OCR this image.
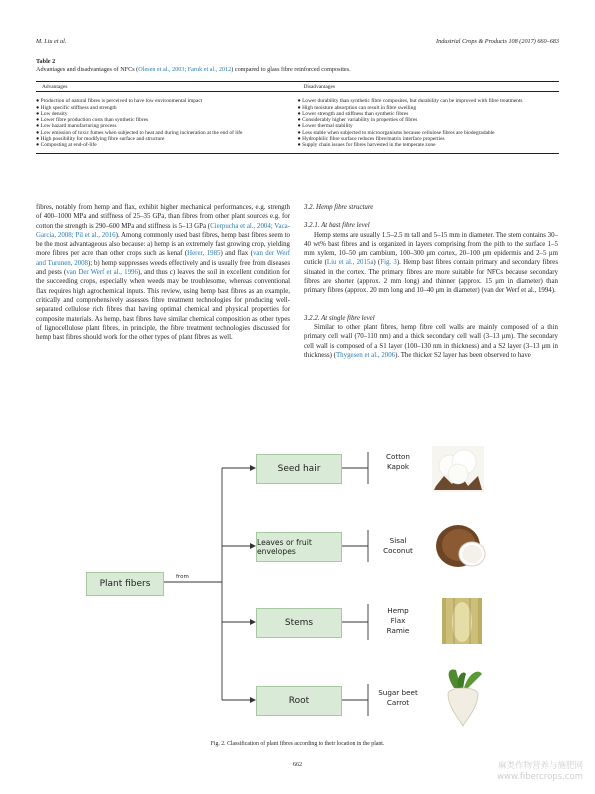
M. Liu et al.	Industrial Crops & Products 108 (2017) 660–683
Table 2
Advantages and disadvantages of NFCs (Olesen et al., 2003; Faruk et al., 2012) compared to glass fibre reinforced composites.
Advantages	Disadvantages
● Production of natural fibres is perceived to have low environmental impact	● Lower durability than synthetic fibre composites, but durability can be improved with fibre treatments
● High specific stiffness and strength	● High moisture absorption can result in fibre swelling
● Low density	● Lower strength and stiffness than synthetic fibres
● Lower fibre production costs than synthetic fibres	● Considerably higher variability in properties of fibres
● Low hazard manufacturing process	● Lower thermal stability
● Low emission of toxic fumes when subjected to heat and during incineration at the end of life	● Less stable when subjected to microorganisms because cellulose fibres are biodegradable
● High possibility for modifying fibre surface and structure	● Hydrophilic fibre surface reduces fibre/matrix interface properties
● Composting at end-of-life	● Supply chain issues for fibres harvested in the temperate zone

fibres, notably from hemp and flax, exhibit higher mechanical performances, e.g. strength of 400–1000 MPa and stiffness of 25–35 GPa, than fibres from other plant sources e.g. for cotton the strength is 290–600 MPa and stiffness is 5–13 GPa (Cierpucha et al., 2004; Vaca-Garcia, 2008; Pil et al., 2016). Among commonly used bast fibres, hemp bast fibres seem to be the most advantageous also because: a) hemp is an extremely fast growing crop, yielding more fibres per acre than other crops such as kenaf (Herer, 1985) and flax (van der Werf and Turunen, 2008); b) hemp suppresses weeds effectively and is usually free from diseases and pests (van Der Werf et al., 1996), and thus c) leaves the soil in excellent condition for the succeeding crops, especially when weeds may be troublesome, whereas conventional flax requires high agrochemical inputs. This review, using hemp bast fibres as an example, critically and comprehensively assesses fibre treatment technologies for producing well-separated cellulose rich fibres that having optimal chemical and physical properties for composite materials. As hemp, bast fibres have similar chemical composition as other types of lignocellulose plant fibres, in principle, the fibre treatment technologies discussed for hemp bast fibres should work for the other types of plant fibres as well.

3.2. Hemp fibre structure
3.2.1. At bast fibre level

Hemp stems are usually 1.5–2.5 m tall and 5–15 mm in diameter. The stem contains 30–40 wt% bast fibres and is organized in layers comprising from the pith to the surface 1–5 mm xylem, 10–50 μm cambium, 100–300 μm cortex, 20–100 μm epidermis and 2–5 μm cuticle (Liu et al., 2015a) (Fig. 3). Hemp bast fibres contain primary and secondary fibres situated in the cortex. The primary fibres are more suitable for NFCs because secondary fibres are shorter (approx. 2 mm long) and thinner (approx. 15 μm in diameter) than primary fibres (approx. 20 mm long and 10–40 μm in diameter) (van der Werf et al., 1994).

3.2.2. At single fibre level

Similar to other plant fibres, hemp fibre cell walls are mainly composed of a thin primary cell wall (70–110 nm) and a thick secondary cell wall (3–13 μm). The secondary cell wall is composed of a S1 layer (100–130 nm in thickness) and a S2 layer (3–13 μm in thickness) (Thygesen et al., 2006). The thicker S2 layer has been observed to have

Plant fibers
from
Seed hair
Leaves or fruit envelopes
Stems
Root
Cotton
Kapok
Sisal
Coconut
Hemp
Flax
Ramie
Sugar beet
Carrot
Fig. 2. Classification of plant fibres according to their location in the plant.
662	麻类作物营养与施肥网
www.fibercrops.com
